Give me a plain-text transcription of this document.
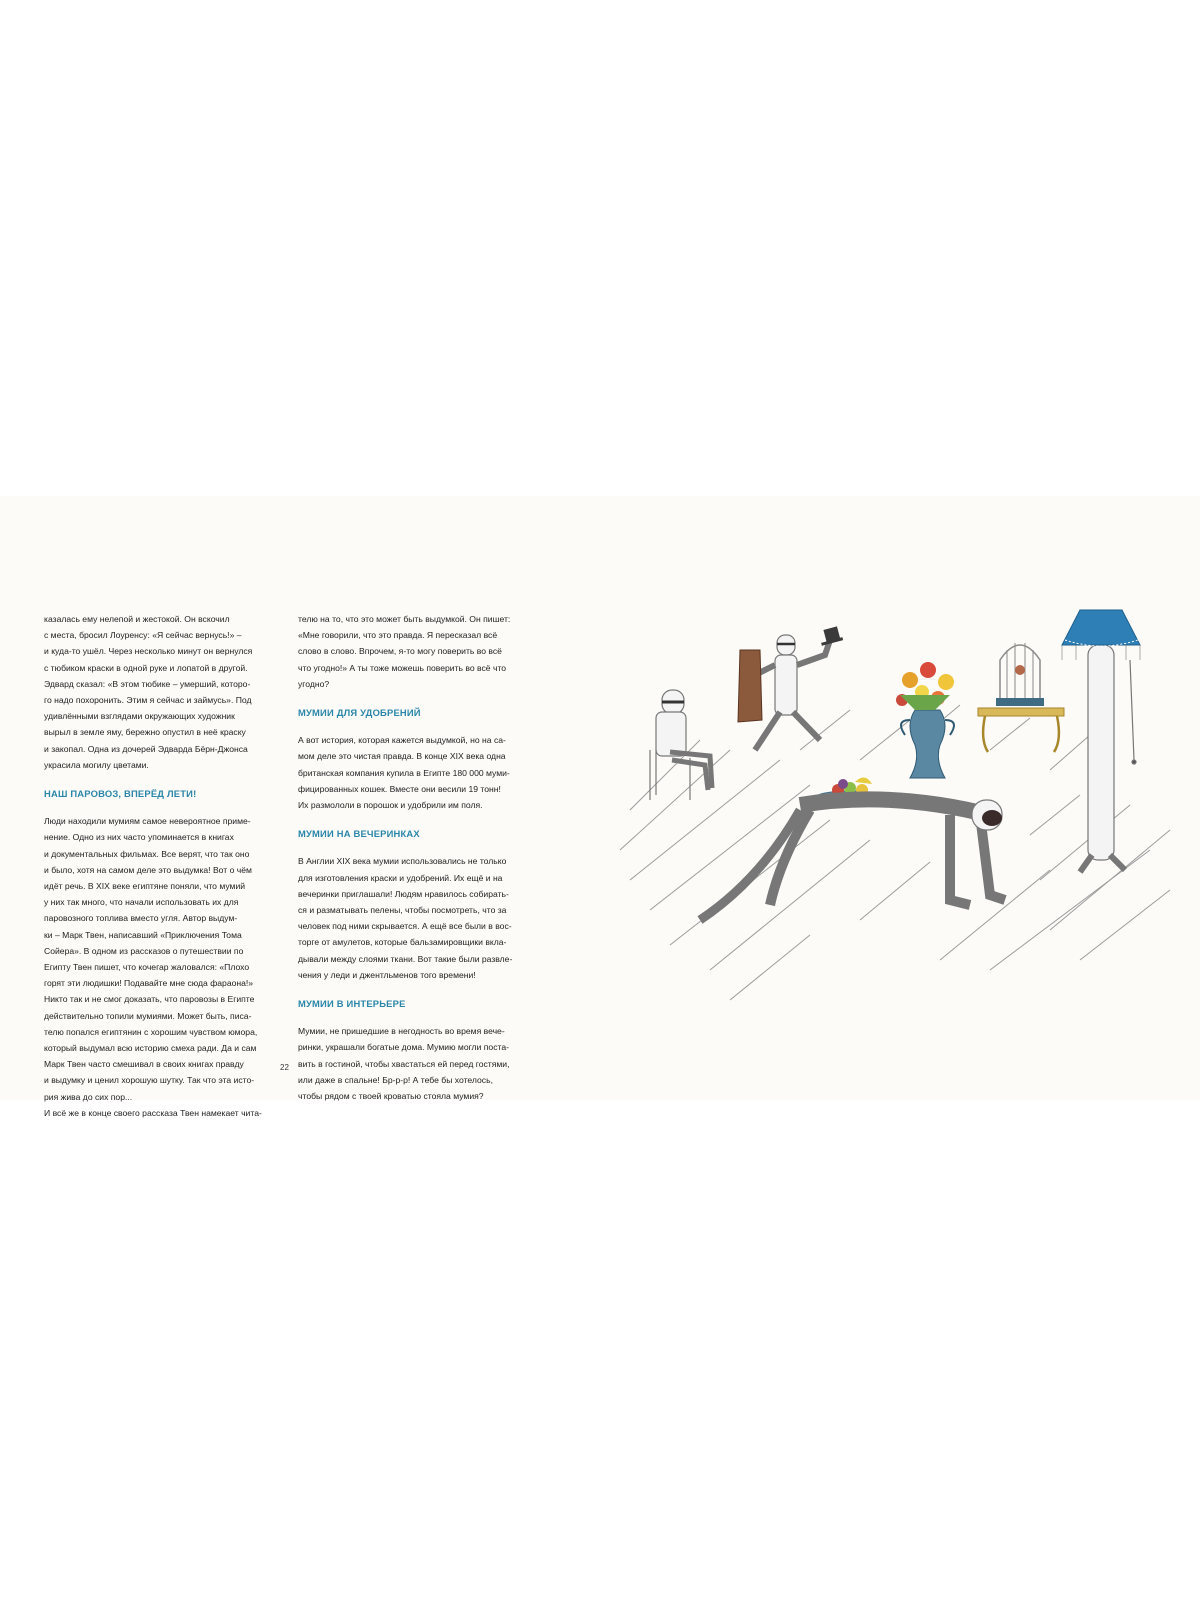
казалась ему нелепой и жестокой. Он вскочил

с места, бросил Лоуренсу: «Я сейчас вернусь!» –

и куда-то ушёл. Через несколько минут он вернулся

с тюбиком краски в одной руке и лопатой в другой.

Эдвард сказал: «В этом тюбике – умерший, которо-

го надо похоронить. Этим я сейчас и займусь». Под

удивлёнными взглядами окружающих художник

вырыл в земле яму, бережно опустил в неё краску

и закопал. Одна из дочерей Эдварда Бёрн-Джонса

украсила могилу цветами.

НАШ ПАРОВОЗ, ВПЕРЁД ЛЕТИ!

Люди находили мумиям самое невероятное приме-

нение. Одно из них часто упоминается в книгах

и документальных фильмах. Все верят, что так оно

и было, хотя на самом деле это выдумка! Вот о чём

идёт речь. В XIX веке египтяне поняли, что мумий

у них так много, что начали использовать их для

паровозного топлива вместо угля. Автор выдум-

ки – Марк Твен, написавший «Приключения Тома

Сойера». В одном из рассказов о путешествии по

Египту Твен пишет, что кочегар жаловался: «Плохо

горят эти людишки! Подавайте мне сюда фараона!»

Никто так и не смог доказать, что паровозы в Египте

действительно топили мумиями. Может быть, писа-

телю попался египтянин с хорошим чувством юмора,

который выдумал всю историю смеха ради. Да и сам

Марк Твен часто смешивал в своих книгах правду

и выдумку и ценил хорошую шутку. Так что эта исто-

рия жива до сих пор...

И всё же в конце своего рассказа Твен намекает чита-

телю на то, что это может быть выдумкой. Он пишет:

«Мне говорили, что это правда. Я пересказал всё

слово в слово. Впрочем, я-то могу поверить во всё

что угодно!» А ты тоже можешь поверить во всё что

угодно?

МУМИИ ДЛЯ УДОБРЕНИЙ

А вот история, которая кажется выдумкой, но на са-

мом деле это чистая правда. В конце XIX века одна

британская компания купила в Египте 180 000 муми-

фицированных кошек. Вместе они весили 19 тонн!

Их размололи в порошок и удобрили им поля.

МУМИИ НА ВЕЧЕРИНКАХ

В Англии XIX века мумии использовались не только

для изготовления краски и удобрений. Их ещё и на

вечеринки приглашали! Людям нравилось собирать-

ся и разматывать пелены, чтобы посмотреть, что за

человек под ними скрывается. А ещё все были в вос-

торге от амулетов, которые бальзамировщики вкла-

дывали между слоями ткани. Вот такие были развле-

чения у леди и джентльменов того времени!

МУМИИ В ИНТЕРЬЕРЕ

Мумии, не пришедшие в негодность во время вече-

ринки, украшали богатые дома. Мумию могли поста-

вить в гостиной, чтобы хвастаться ей перед гостями,

или даже в спальне! Бр-р-р! А тебе бы хотелось,

чтобы рядом с твоей кроватью стояла мумия?

22
